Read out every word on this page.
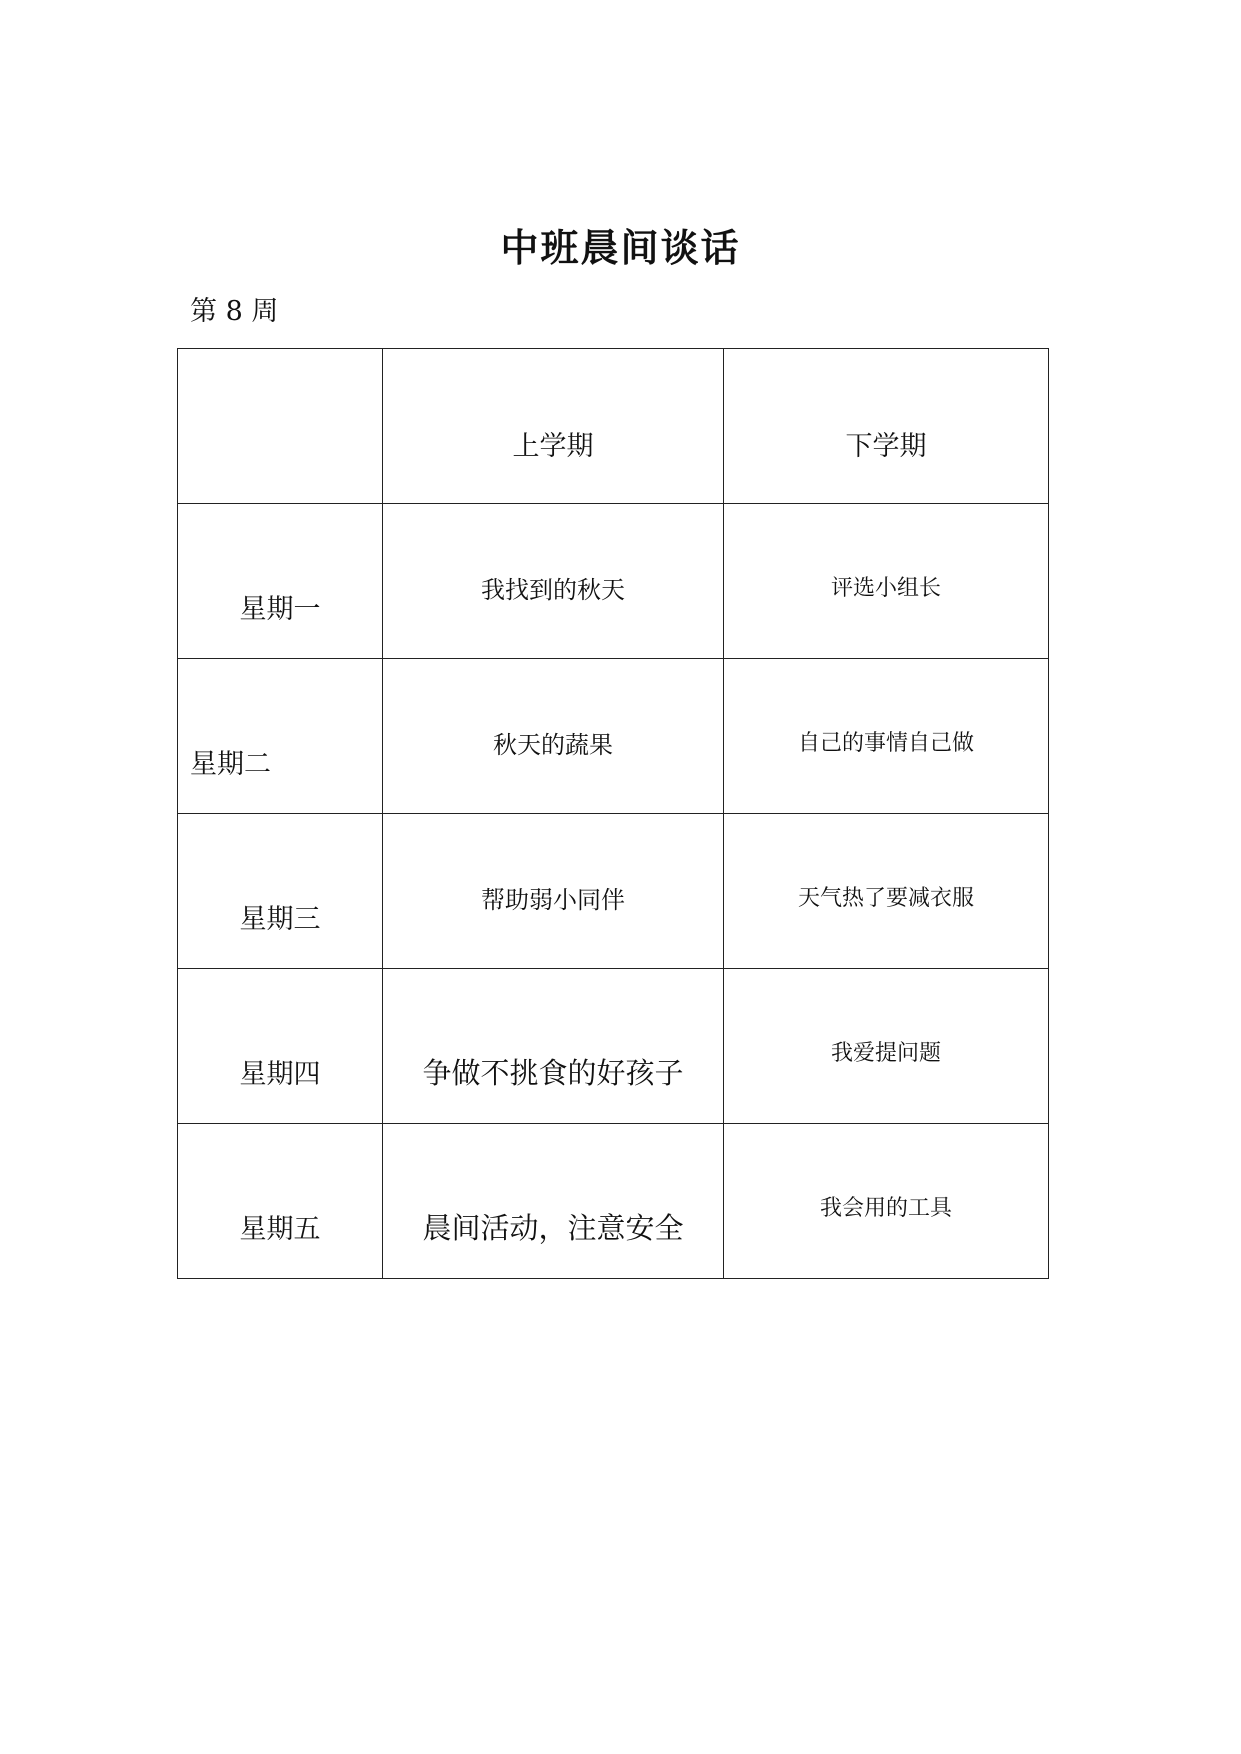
中班晨间谈话
第 8 周

	上学期	下学期

星期一	我找到的秋天	评选小组长

星期二	秋天的蔬果	自己的事情自己做

星期三	帮助弱小同伴	天气热了要减衣服

星期四	争做不挑食的好孩子	我爱提问题

星期五	晨间活动，注意安全	我会用的工具
